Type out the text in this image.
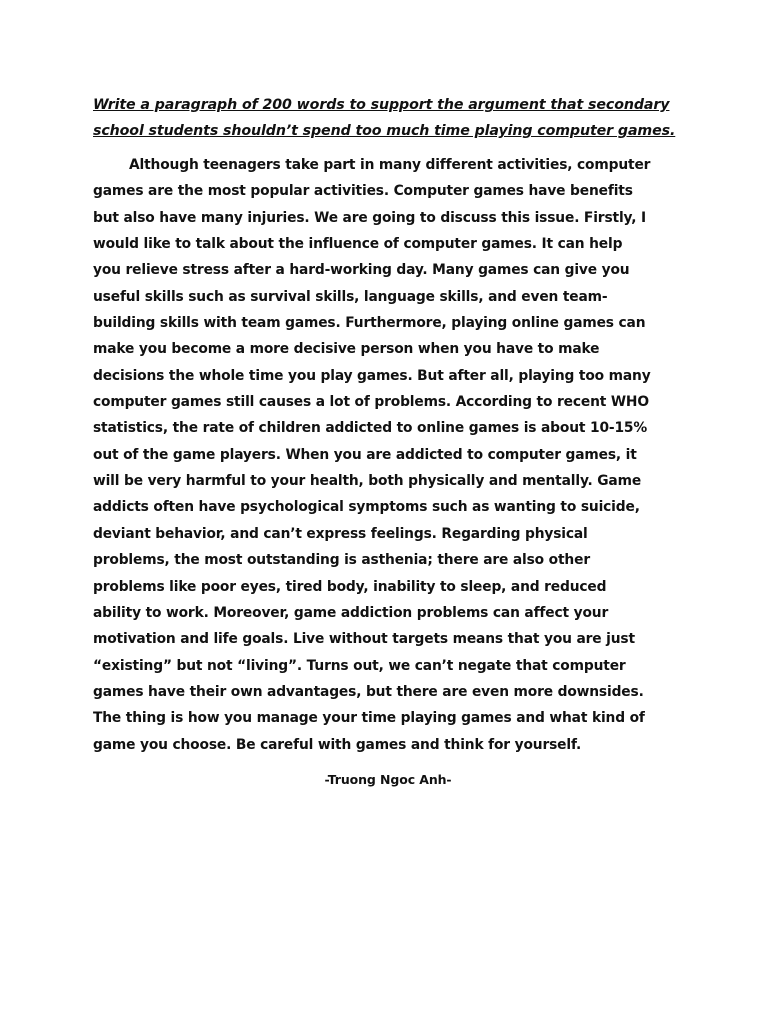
Write a paragraph of 200 words to support the argument that secondary
school students shouldn’t spend too much time playing computer games.
Although teenagers take part in many different activities, computer
games are the most popular activities. Computer games have benefits
but also have many injuries. We are going to discuss this issue. Firstly, I
would like to talk about the influence of computer games. It can help
you relieve stress after a hard-working day. Many games can give you
useful skills such as survival skills, language skills, and even team-
building skills with team games. Furthermore, playing online games can
make you become a more decisive person when you have to make
decisions the whole time you play games. But after all, playing too many
computer games still causes a lot of problems. According to recent WHO
statistics, the rate of children addicted to online games is about 10-15%
out of the game players. When you are addicted to computer games, it
will be very harmful to your health, both physically and mentally. Game
addicts often have psychological symptoms such as wanting to suicide,
deviant behavior, and can’t express feelings. Regarding physical
problems, the most outstanding is asthenia; there are also other
problems like poor eyes, tired body, inability to sleep, and reduced
ability to work. Moreover, game addiction problems can affect your
motivation and life goals. Live without targets means that you are just
“existing” but not “living”. Turns out, we can’t negate that computer
games have their own advantages, but there are even more downsides.
The thing is how you manage your time playing games and what kind of
game you choose. Be careful with games and think for yourself.
-Truong Ngoc Anh-
